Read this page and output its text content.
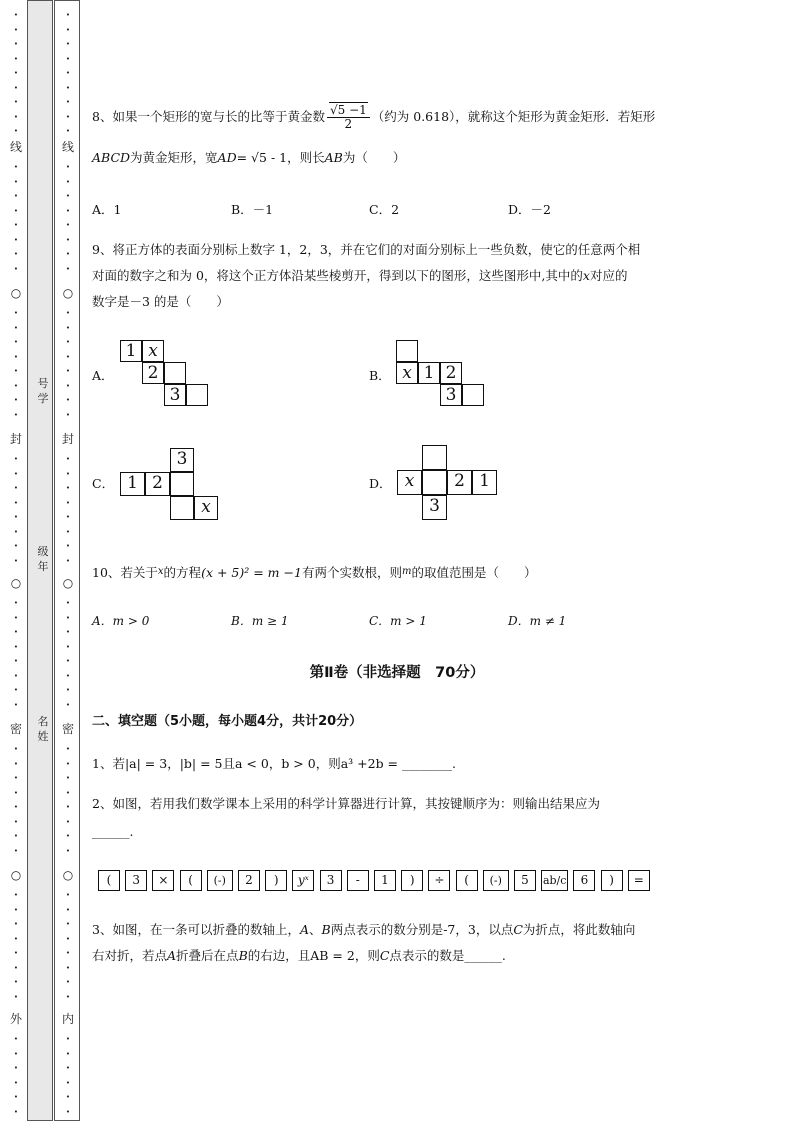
•
•
•
•
•
•
•
•
•
线
•
•
•
•
•
•
•
•
○
•
•
•
•
•
•
•
•
封
•
•
•
•
•
•
•
•
○
•
•
•
•
•
•
•
•
密
•
•
•
•
•
•
•
•
○
•
•
•
•
•
•
•
•
外
•
•
•
•
•
•
•
•
•
•
•
•
•
•
•
线
•
•
•
•
•
•
•
•
○
•
•
•
•
•
•
•
•
封
•
•
•
•
•
•
•
•
○
•
•
•
•
•
•
•
•
密
•
•
•
•
•
•
•
•
○
•
•
•
•
•
•
•
•
内
•
•
•
•
•
•
号
学
级
年
名
姓
8、如果一个矩形的宽与长的比等于黄金数 $\frac{√5 -1}{2}$ （约为 0.618），就称这个矩形为黄金矩形．若矩形
ABCD为黄金矩形，宽AD= √5 - 1，则长AB为（　　）
A．1	B．－1	C．2	D．－2
9、将正方体的表面分别标上数字 1，2，3，并在它们的对面分别标上一些负数，使它的任意两个相
对面的数字之和为 0，将这个正方体沿某些棱剪开，得到以下的图形，这些图形中,其中的x对应的
数字是－3 的是（　　）
A．
1 x
2
3
B． x 1 2
3
C．
3
1 2
x
D． x	2 1
3
10、若关于$^x$的方程(x + 5)² = m −1有两个实数根，则$^m$的取值范围是（　　）
A．m > 0	B．m ≥ 1	C．m > 1	D．m ≠ 1
第Ⅱ卷（非选择题　70分）
二、填空题（5小题，每小题4分，共计20分）
1、若|a| = 3，|b| = 5且a < 0，b > 0，则a³ +2b = ________.
2、如图，若用我们数学课本上采用的科学计算器进行计算，其按键顺序为：则输出结果应为
______.
(	3	×	(	(-)	2	)	yˣ	3	-	1	)	÷	(	(-)	5	ab/c	6	)	=
3、如图，在一条可以折叠的数轴上，A、B两点表示的数分别是-7，3，以点C为折点，将此数轴向
右对折，若点A折叠后在点B的右边，且AB = 2，则C点表示的数是______.
